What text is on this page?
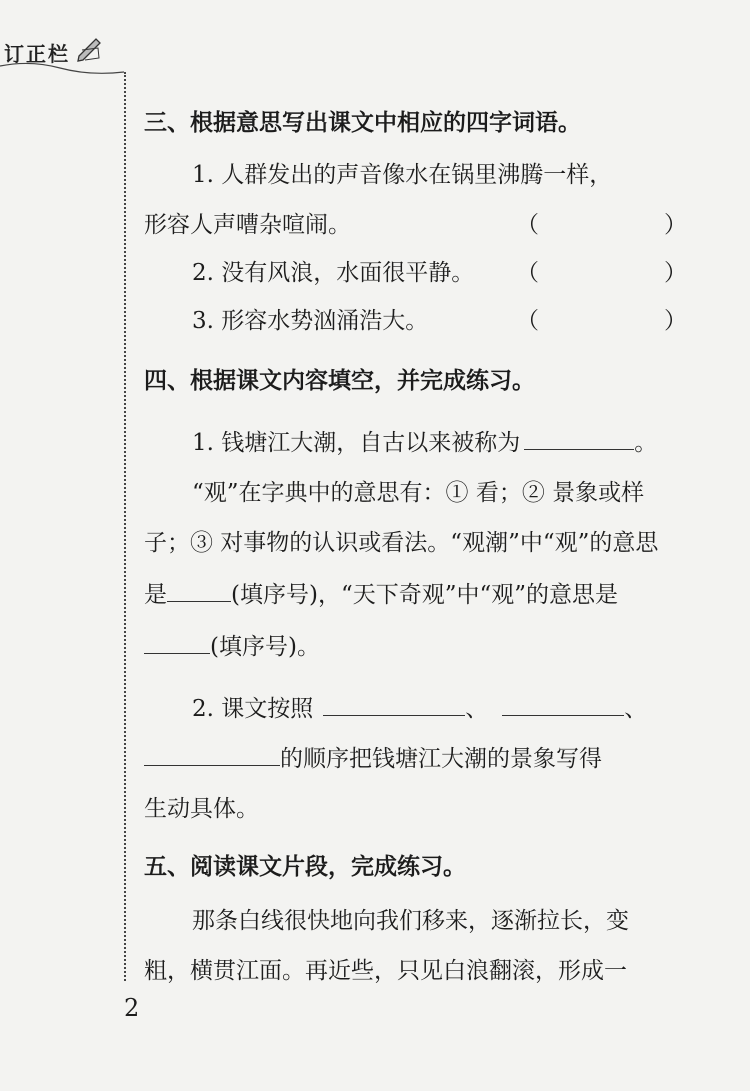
订正栏
三、根据意思写出课文中相应的四字词语。
1. 人群发出的声音像水在锅里沸腾一样，
形容人声嘈杂喧闹。	（	）
2. 没有风浪，水面很平静。 （	）
3. 形容水势汹涌浩大。	（	）
四、根据课文内容填空，并完成练习。
1. 钱塘江大潮，自古以来被称为	。
“观”在字典中的意思有：① 看；② 景象或样
子；③ 对事物的认识或看法。“观潮”中“观”的意思
是	(填序号)，“天下奇观”中“观”的意思是
(填序号)。
2. 课文按照	、	、
的顺序把钱塘江大潮的景象写得
生动具体。
五、阅读课文片段，完成练习。
那条白线很快地向我们移来，逐渐拉长，变
粗，横贯江面。再近些，只见白浪翻滚，形成一
2
